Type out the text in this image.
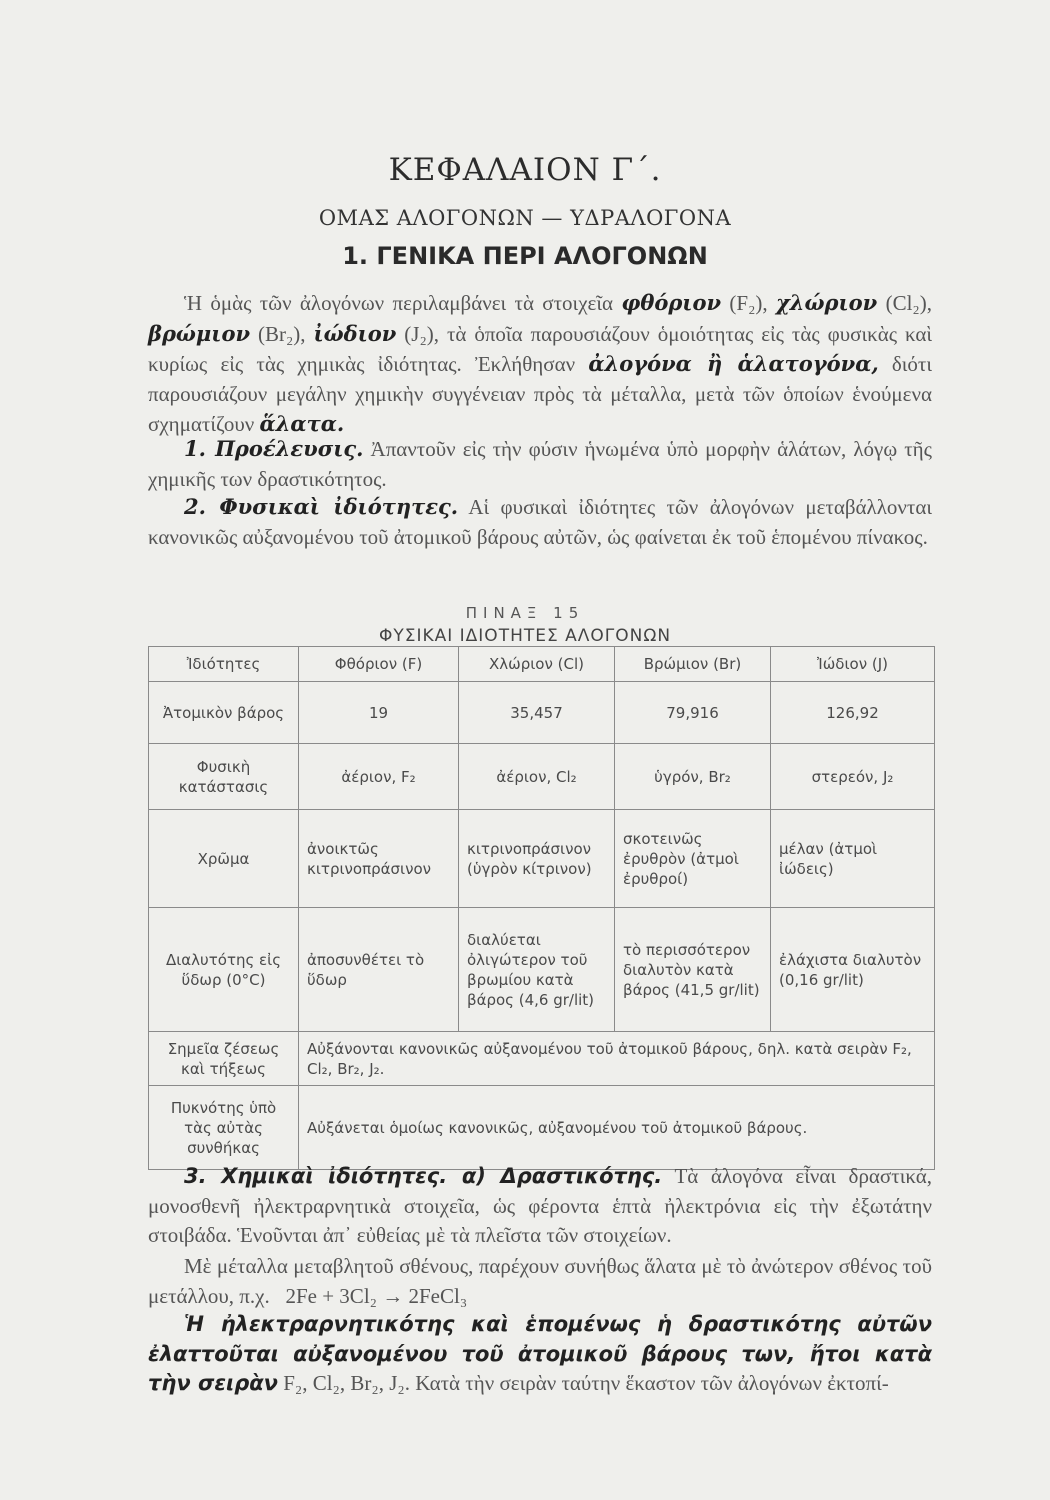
ΚΕΦΑΛΑΙΟΝ Γ΄.
ΟΜΑΣ ΑΛΟΓΟΝΩΝ — ΥΔΡΑΛΟΓΟΝΑ
1. ΓΕΝΙΚΑ ΠΕΡΙ ΑΛΟΓΟΝΩΝ

Ἡ ὁμὰς τῶν ἀλογόνων περιλαμβάνει τὰ στοιχεῖα φθόριον (F₂), χλώριον (Cl₂), βρώμιον (Br₂), ἰώδιον (J₂), τὰ ὁποῖα παρουσιάζουν ὁμοιότητας εἰς τὰς φυσικὰς καὶ κυρίως εἰς τὰς χημικὰς ἰδιότητας. Ἐκλήθησαν ἀλογόνα ἢ ἁλατογόνα, διότι παρουσιάζουν μεγάλην χημικὴν συγγένειαν πρὸς τὰ μέταλλα, μετὰ τῶν ὁποίων ἑνούμενα σχηματίζουν ἅλατα.

1. Προέλευσις. Ἀπαντοῦν εἰς τὴν φύσιν ἡνωμένα ὑπὸ μορφὴν ἁλάτων, λόγῳ τῆς χημικῆς των δραστικότητος.

2. Φυσικαὶ ἰδιότητες. Αἱ φυσικαὶ ἰδιότητες τῶν ἀλογόνων μεταβάλλονται κανονικῶς αὐξανομένου τοῦ ἀτομικοῦ βάρους αὐτῶν, ὡς φαίνεται ἐκ τοῦ ἑπομένου πίνακος.

ΠΙΝΑΞ 15
ΦΥΣΙΚΑΙ ΙΔΙΟΤΗΤΕΣ ΑΛΟΓΟΝΩΝ
Ἰδιότητες	Φθόριον (F)	Χλώριον (Cl)	Βρώμιον (Br)	Ἰώδιον (J)
Ἀτομικὸν βάρος	19	35,457	79,916	126,92
Φυσικὴ κατάστασις	ἀέριον, F₂	ἀέριον, Cl₂	ὑγρόν, Br₂	στερεόν, J₂
Χρῶμα	ἀνοικτῶς κιτρινοπράσινον	κιτρινοπράσινον (ὑγρὸν κίτρινον)	σκοτεινῶς ἐρυθρὸν (ἀτμοὶ ἐρυθροί)	μέλαν (ἀτμοὶ ἰώδεις)
Διαλυτότης εἰς ὕδωρ (0°C)	ἀποσυνθέτει τὸ ὕδωρ	διαλύεται ὀλιγώτερον τοῦ βρωμίου κατὰ βάρος (4,6 gr/lit)	τὸ περισσότερον διαλυτὸν κατὰ βάρος (41,5 gr/lit)	ἐλάχιστα διαλυτὸν (0,16 gr/lit)
Σημεῖα ζέσεως καὶ τήξεως	Αὐξάνονται κανονικῶς αὐξανομένου τοῦ ἀτομικοῦ βάρους, δηλ. κατὰ σειρὰν F₂, Cl₂, Br₂, J₂.			
Πυκνότης ὑπὸ τὰς αὐτὰς συνθήκας	Αὐξάνεται ὁμοίως κανονικῶς, αὐξανομένου τοῦ ἀτομικοῦ βάρους.			

3. Χημικαὶ ἰδιότητες. α) Δραστικότης. Τὰ ἀλογόνα εἶναι δραστικά, μονοσθενῆ ἠλεκτραρνητικὰ στοιχεῖα, ὡς φέροντα ἑπτὰ ἠλεκτρόνια εἰς τὴν ἐξωτάτην στοιβάδα. Ἑνοῦνται ἀπ᾽ εὐθείας μὲ τὰ πλεῖστα τῶν στοιχείων.

Μὲ μέταλλα μεταβλητοῦ σθένους, παρέχουν συνήθως ἅλατα μὲ τὸ ἀνώτερον σθένος τοῦ μετάλλου, π.χ. 2Fe + 3Cl₂ → 2FeCl₃

Ἡ ἠλεκτραρνητικότης καὶ ἑπομένως ἡ δραστικότης αὐτῶν ἐλαττοῦται αὐξανομένου τοῦ ἀτομικοῦ βάρους των, ἤτοι κατὰ τὴν σειρὰν F₂, Cl₂, Br₂, J₂. Κατὰ τὴν σειρὰν ταύτην ἕκαστον τῶν ἀλογόνων ἐκτοπί-
